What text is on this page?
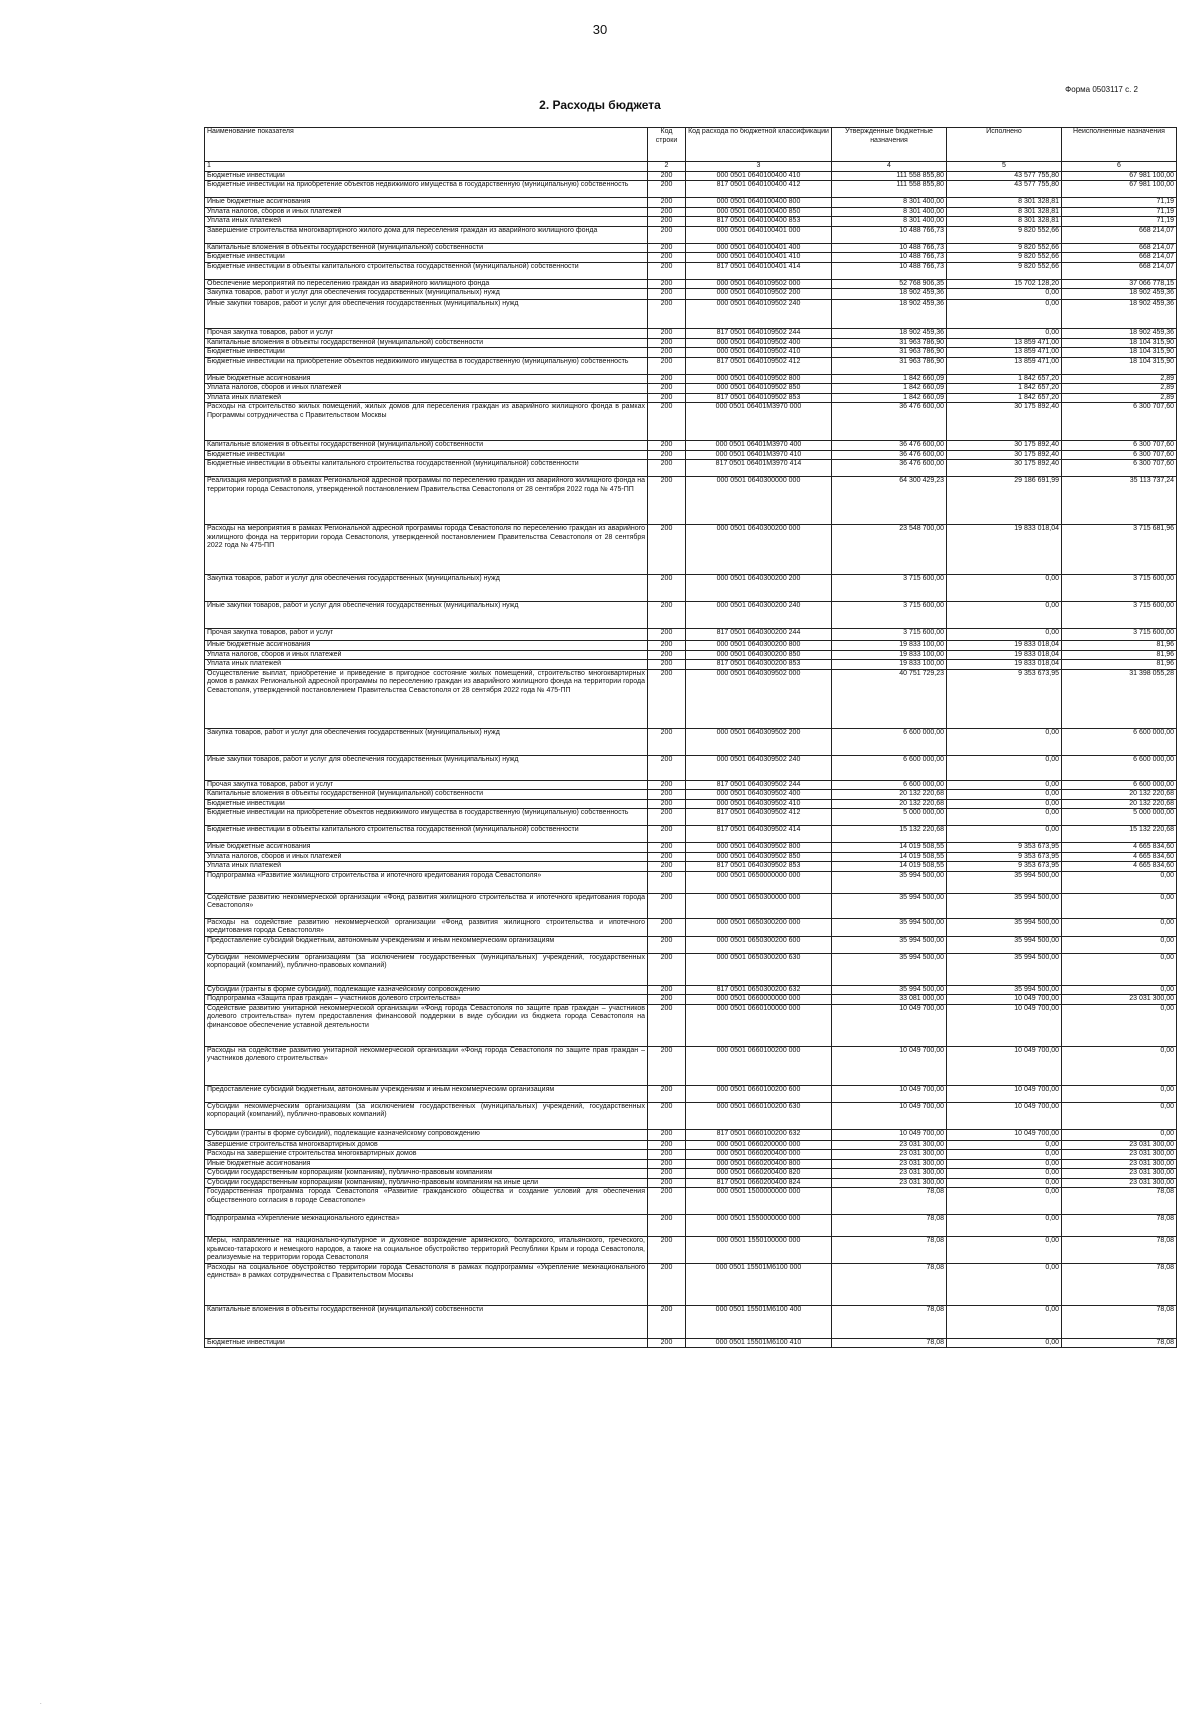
30
Форма 0503117 с. 2
2. Расходы бюджета
Наименование показателя	Код строки	Код расхода по бюджетной классификации	Утвержденные бюджетные назначения	Исполнено	Неисполненные назначения
1	2	3	4	5	6
Бюджетные инвестиции	200	000 0501 0640100400 410	111 558 855,80	43 577 755,80	67 981 100,00
Бюджетные инвестиции на приобретение объектов недвижимого имущества в государственную (муниципальную) собственность	200	817 0501 0640100400 412	111 558 855,80	43 577 755,80	67 981 100,00
Иные бюджетные ассигнования	200	000 0501 0640100400 800	8 301 400,00	8 301 328,81	71,19
Уплата налогов, сборов и иных платежей	200	000 0501 0640100400 850	8 301 400,00	8 301 328,81	71,19
Уплата иных платежей	200	817 0501 0640100400 853	8 301 400,00	8 301 328,81	71,19
Завершение строительства многоквартирного жилого дома для переселения граждан из аварийного жилищного фонда	200	000 0501 0640100401 000	10 488 766,73	9 820 552,66	668 214,07
Капитальные вложения в объекты государственной (муниципальной) собственности	200	000 0501 0640100401 400	10 488 766,73	9 820 552,66	668 214,07
Бюджетные инвестиции	200	000 0501 0640100401 410	10 488 766,73	9 820 552,66	668 214,07
Бюджетные инвестиции в объекты капитального строительства государственной (муниципальной) собственности	200	817 0501 0640100401 414	10 488 766,73	9 820 552,66	668 214,07
Обеспечение мероприятий по переселению граждан из аварийного жилищного фонда	200	000 0501 0640109502 000	52 768 906,35	15 702 128,20	37 066 778,15
Закупка товаров, работ и услуг для обеспечения государственных (муниципальных) нужд	200	000 0501 0640109502 200	18 902 459,36	0,00	18 902 459,36
Иные закупки товаров, работ и услуг для обеспечения государственных (муниципальных) нужд	200	000 0501 0640109502 240	18 902 459,36	0,00	18 902 459,36
Прочая закупка товаров, работ и услуг	200	817 0501 0640109502 244	18 902 459,36	0,00	18 902 459,36
Капитальные вложения в объекты государственной (муниципальной) собственности	200	000 0501 0640109502 400	31 963 786,90	13 859 471,00	18 104 315,90
Бюджетные инвестиции	200	000 0501 0640109502 410	31 963 786,90	13 859 471,00	18 104 315,90
Бюджетные инвестиции на приобретение объектов недвижимого имущества в государственную (муниципальную) собственность	200	817 0501 0640109502 412	31 963 786,90	13 859 471,00	18 104 315,90
Иные бюджетные ассигнования	200	000 0501 0640109502 800	1 842 660,09	1 842 657,20	2,89
Уплата налогов, сборов и иных платежей	200	000 0501 0640109502 850	1 842 660,09	1 842 657,20	2,89
Уплата иных платежей	200	817 0501 0640109502 853	1 842 660,09	1 842 657,20	2,89
Расходы на строительство жилых помещений, жилых домов для переселения граждан из аварийного жилищного фонда в рамках Программы сотрудничества с Правительством Москвы	200	000 0501 06401M3970 000	36 476 600,00	30 175 892,40	6 300 707,60
Капитальные вложения в объекты государственной (муниципальной) собственности	200	000 0501 06401M3970 400	36 476 600,00	30 175 892,40	6 300 707,60
Бюджетные инвестиции	200	000 0501 06401M3970 410	36 476 600,00	30 175 892,40	6 300 707,60
Бюджетные инвестиции в объекты капитального строительства государственной (муниципальной) собственности	200	817 0501 06401M3970 414	36 476 600,00	30 175 892,40	6 300 707,60
Реализация мероприятий в рамках Региональной адресной программы по переселению граждан из аварийного жилищного фонда на территории города Севастополя, утвержденной постановлением Правительства Севастополя от 28 сентября 2022 года № 475-ПП	200	000 0501 0640300000 000	64 300 429,23	29 186 691,99	35 113 737,24
Расходы на мероприятия в рамках Региональной адресной программы города Севастополя по переселению граждан из аварийного жилищного фонда на территории города Севастополя, утвержденной постановлением Правительства Севастополя от 28 сентября 2022 года № 475-ПП	200	000 0501 0640300200 000	23 548 700,00	19 833 018,04	3 715 681,96
Закупка товаров, работ и услуг для обеспечения государственных (муниципальных) нужд	200	000 0501 0640300200 200	3 715 600,00	0,00	3 715 600,00
Иные закупки товаров, работ и услуг для обеспечения государственных (муниципальных) нужд	200	000 0501 0640300200 240	3 715 600,00	0,00	3 715 600,00
Прочая закупка товаров, работ и услуг	200	817 0501 0640300200 244	3 715 600,00	0,00	3 715 600,00
Иные бюджетные ассигнования	200	000 0501 0640300200 800	19 833 100,00	19 833 018,04	81,96
Уплата налогов, сборов и иных платежей	200	000 0501 0640300200 850	19 833 100,00	19 833 018,04	81,96
Уплата иных платежей	200	817 0501 0640300200 853	19 833 100,00	19 833 018,04	81,96
Осуществление выплат, приобретение и приведение в пригодное состояние жилых помещений, строительство многоквартирных домов в рамках Региональной адресной программы по переселению граждан из аварийного жилищного фонда на территории города Севастополя, утвержденной постановлением Правительства Севастополя от 28 сентября 2022 года № 475-ПП	200	000 0501 0640309502 000	40 751 729,23	9 353 673,95	31 398 055,28
Закупка товаров, работ и услуг для обеспечения государственных (муниципальных) нужд	200	000 0501 0640309502 200	6 600 000,00	0,00	6 600 000,00
Иные закупки товаров, работ и услуг для обеспечения государственных (муниципальных) нужд	200	000 0501 0640309502 240	6 600 000,00	0,00	6 600 000,00
Прочая закупка товаров, работ и услуг	200	817 0501 0640309502 244	6 600 000,00	0,00	6 600 000,00
Капитальные вложения в объекты государственной (муниципальной) собственности	200	000 0501 0640309502 400	20 132 220,68	0,00	20 132 220,68
Бюджетные инвестиции	200	000 0501 0640309502 410	20 132 220,68	0,00	20 132 220,68
Бюджетные инвестиции на приобретение объектов недвижимого имущества в государственную (муниципальную) собственность	200	817 0501 0640309502 412	5 000 000,00	0,00	5 000 000,00
Бюджетные инвестиции в объекты капитального строительства государственной (муниципальной) собственности	200	817 0501 0640309502 414	15 132 220,68	0,00	15 132 220,68
Иные бюджетные ассигнования	200	000 0501 0640309502 800	14 019 508,55	9 353 673,95	4 665 834,60
Уплата налогов, сборов и иных платежей	200	000 0501 0640309502 850	14 019 508,55	9 353 673,95	4 665 834,60
Уплата иных платежей	200	817 0501 0640309502 853	14 019 508,55	9 353 673,95	4 665 834,60
Подпрограмма «Развитие жилищного строительства и ипотечного кредитования города Севастополя»	200	000 0501 0650000000 000	35 994 500,00	35 994 500,00	0,00
Содействие развитию некоммерческой организации «Фонд развития жилищного строительства и ипотечного кредитования города Севастополя»	200	000 0501 0650300000 000	35 994 500,00	35 994 500,00	0,00
Расходы на содействие развитию некоммерческой организации «Фонд развития жилищного строительства и ипотечного кредитования города Севастополя»	200	000 0501 0650300200 000	35 994 500,00	35 994 500,00	0,00
Предоставление субсидий бюджетным, автономным учреждениям и иным некоммерческим организациям	200	000 0501 0650300200 600	35 994 500,00	35 994 500,00	0,00
Субсидии некоммерческим организациям (за исключением государственных (муниципальных) учреждений, государственных корпораций (компаний), публично-правовых компаний)	200	000 0501 0650300200 630	35 994 500,00	35 994 500,00	0,00
Субсидии (гранты в форме субсидий), подлежащие казначейскому сопровождению	200	817 0501 0650300200 632	35 994 500,00	35 994 500,00	0,00
Подпрограмма «Защита прав граждан – участников долевого строительства»	200	000 0501 0660000000 000	33 081 000,00	10 049 700,00	23 031 300,00
Содействие развитию унитарной некоммерческой организации «Фонд города Севастополя по защите прав граждан – участников долевого строительства» путем предоставления финансовой поддержки в виде субсидии из бюджета города Севастополя на финансовое обеспечение уставной деятельности	200	000 0501 0660100000 000	10 049 700,00	10 049 700,00	0,00
Расходы на содействие развитию унитарной некоммерческой организации «Фонд города Севастополя по защите прав граждан – участников долевого строительства»	200	000 0501 0660100200 000	10 049 700,00	10 049 700,00	0,00
Предоставление субсидий бюджетным, автономным учреждениям и иным некоммерческим организациям	200	000 0501 0660100200 600	10 049 700,00	10 049 700,00	0,00
Субсидии некоммерческим организациям (за исключением государственных (муниципальных) учреждений, государственных корпораций (компаний), публично-правовых компаний)	200	000 0501 0660100200 630	10 049 700,00	10 049 700,00	0,00
Субсидии (гранты в форме субсидий), подлежащие казначейскому сопровождению	200	817 0501 0660100200 632	10 049 700,00	10 049 700,00	0,00
Завершение строительства многоквартирных домов	200	000 0501 0660200000 000	23 031 300,00	0,00	23 031 300,00
Расходы на завершение строительства многоквартирных домов	200	000 0501 0660200400 000	23 031 300,00	0,00	23 031 300,00
Иные бюджетные ассигнования	200	000 0501 0660200400 800	23 031 300,00	0,00	23 031 300,00
Субсидии государственным корпорациям (компаниям), публично-правовым компаниям	200	000 0501 0660200400 820	23 031 300,00	0,00	23 031 300,00
Субсидии государственным корпорациям (компаниям), публично-правовым компаниям на иные цели	200	817 0501 0660200400 824	23 031 300,00	0,00	23 031 300,00
Государственная программа города Севастополя «Развитие гражданского общества и создание условий для обеспечения общественного согласия в городе Севастополе»	200	000 0501 1500000000 000	78,08	0,00	78,08
Подпрограмма «Укрепление межнационального единства»	200	000 0501 1550000000 000	78,08	0,00	78,08
Меры, направленные на национально-культурное и духовное возрождение армянского, болгарского, итальянского, греческого, крымско-татарского и немецкого народов, а также на социальное обустройство территорий Республики Крым и города Севастополя, реализуемые на территории города Севастополя	200	000 0501 1550100000 000	78,08	0,00	78,08
Расходы на социальное обустройство территории города Севастополя в рамках подпрограммы «Укрепление межнационального единства» в рамках сотрудничества с Правительством Москвы	200	000 0501 15501M6100 000	78,08	0,00	78,08
Капитальные вложения в объекты государственной (муниципальной) собственности	200	000 0501 15501M6100 400	78,08	0,00	78,08
Бюджетные инвестиции	200	000 0501 15501M6100 410	78,08	0,00	78,08
.
